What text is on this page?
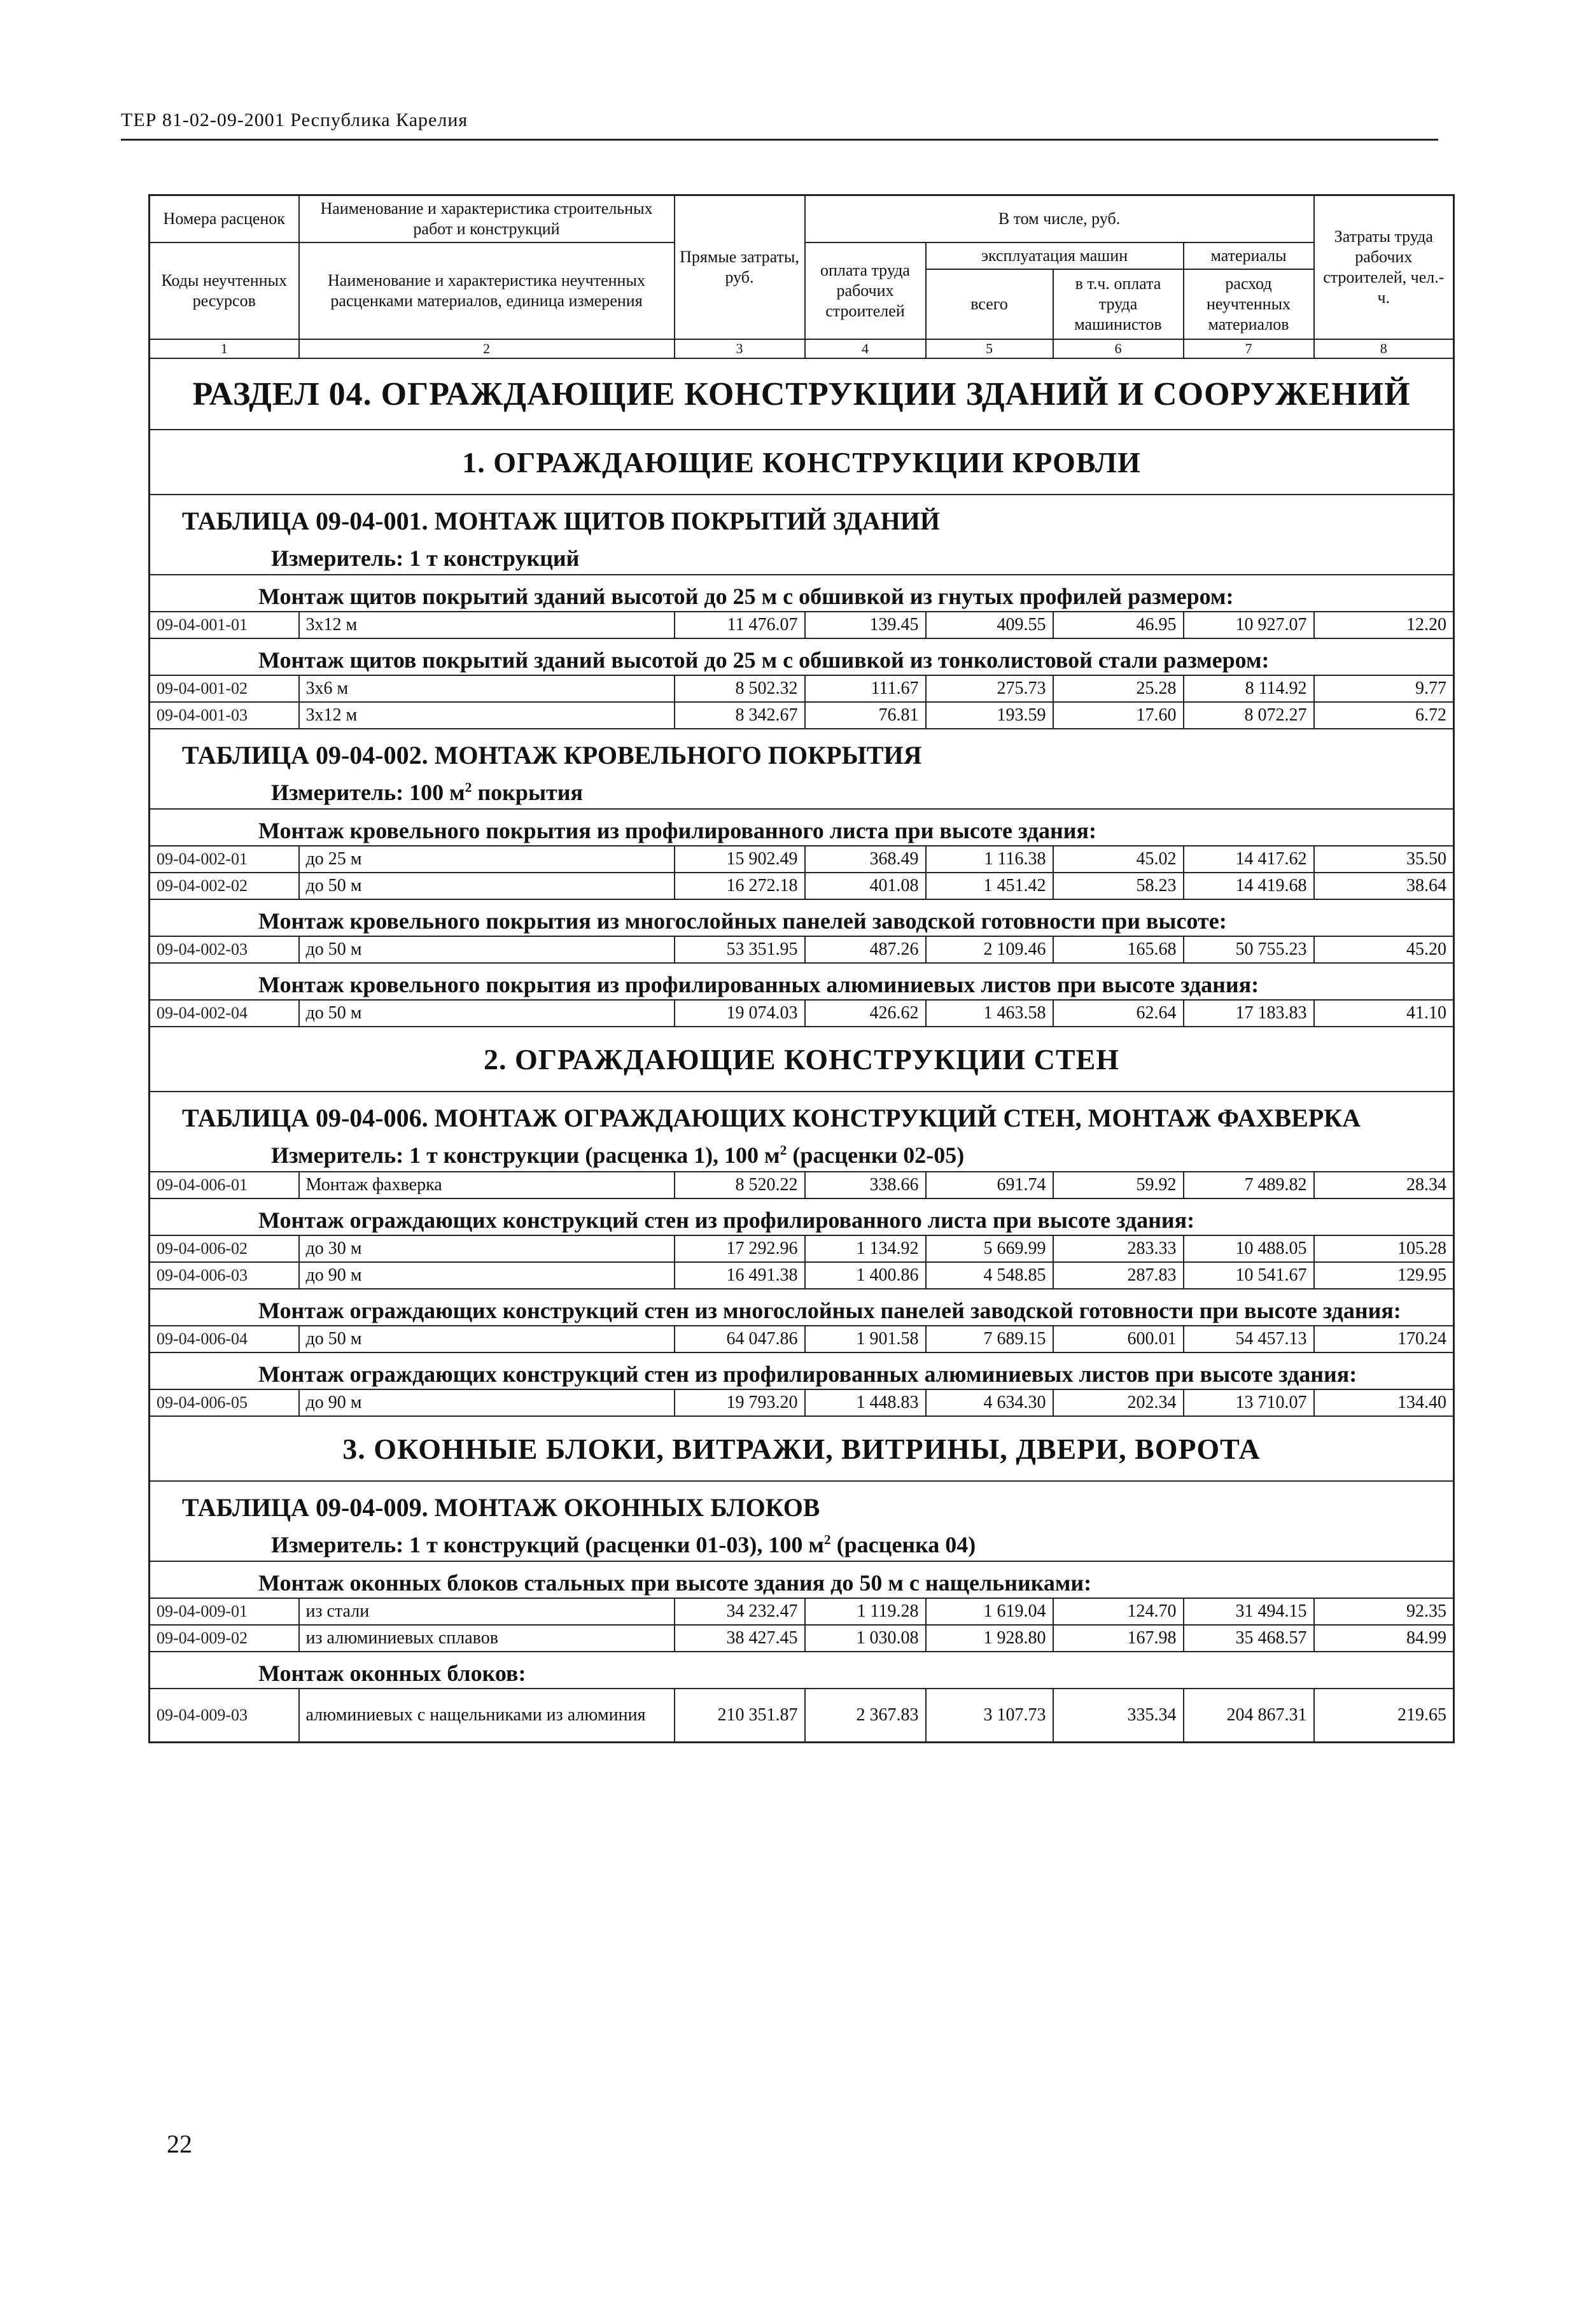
ТЕР 81-02-09-2001 Республика Карелия
Номера расценок	Наименование и характеристика строительных работ и конструкций	Прямые затраты, руб.	В том числе, руб.				Затраты труда рабочих строителей, чел.-ч.
Коды неучтенных ресурсов	Наименование и характеристика неучтенных расценками материалов, единица измерения		оплата труда рабочих строителей	эксплуатация машин		материалы	
				всего	в т.ч. оплата труда машинистов	расход неучтенных материалов	
1	2	3	4	5	6	7	8
РАЗДЕЛ 04. ОГРАЖДАЮЩИЕ КОНСТРУКЦИИ ЗДАНИЙ И СООРУЖЕНИЙ							
1. ОГРАЖДАЮЩИЕ КОНСТРУКЦИИ КРОВЛИ							
ТАБЛИЦА 09-04-001. МОНТАЖ ЩИТОВ ПОКРЫТИЙ ЗДАНИЙ
Измеритель: 1 т конструкций							

Монтаж щитов покрытий зданий высотой до 25 м с обшивкой из гнутых профилей размером:							
09-04-001-01	3x12 м	11 476.07	139.45	409.55	46.95	10 927.07	12.20
Монтаж щитов покрытий зданий высотой до 25 м с обшивкой из тонколистовой стали размером:							
09-04-001-02	3x6 м	8 502.32	111.67	275.73	25.28	8 114.92	9.77
09-04-001-03	3x12 м	8 342.67	76.81	193.59	17.60	8 072.27	6.72
ТАБЛИЦА 09-04-002. МОНТАЖ КРОВЕЛЬНОГО ПОКРЫТИЯ
Измеритель: 100 $м^2$ покрытия							

Монтаж кровельного покрытия из профилированного листа при высоте здания:							
09-04-002-01	до 25 м	15 902.49	368.49	1 116.38	45.02	14 417.62	35.50
09-04-002-02	до 50 м	16 272.18	401.08	1 451.42	58.23	14 419.68	38.64
Монтаж кровельного покрытия из многослойных панелей заводской готовности при высоте:							
09-04-002-03	до 50 м	53 351.95	487.26	2 109.46	165.68	50 755.23	45.20
Монтаж кровельного покрытия из профилированных алюминиевых листов при высоте здания:							
09-04-002-04	до 50 м	19 074.03	426.62	1 463.58	62.64	17 183.83	41.10
2. ОГРАЖДАЮЩИЕ КОНСТРУКЦИИ СТЕН							
ТАБЛИЦА 09-04-006. МОНТАЖ ОГРАЖДАЮЩИХ КОНСТРУКЦИЙ СТЕН, МОНТАЖ ФАХВЕРКА
Измеритель: 1 т конструкции (расценка 1), 100 $м^2$ (расценки 02-05)							

09-04-006-01	Монтаж фахверка	8 520.22	338.66	691.74	59.92	7 489.82	28.34
Монтаж ограждающих конструкций стен из профилированного листа при высоте здания:							
09-04-006-02	до 30 м	17 292.96	1 134.92	5 669.99	283.33	10 488.05	105.28
09-04-006-03	до 90 м	16 491.38	1 400.86	4 548.85	287.83	10 541.67	129.95
Монтаж ограждающих конструкций стен из многослойных панелей заводской готовности при высоте здания:							
09-04-006-04	до 50 м	64 047.86	1 901.58	7 689.15	600.01	54 457.13	170.24
Монтаж ограждающих конструкций стен из профилированных алюминиевых листов при высоте здания:							
09-04-006-05	до 90 м	19 793.20	1 448.83	4 634.30	202.34	13 710.07	134.40
3. ОКОННЫЕ БЛОКИ, ВИТРАЖИ, ВИТРИНЫ, ДВЕРИ, ВОРОТА							
ТАБЛИЦА 09-04-009. МОНТАЖ ОКОННЫХ БЛОКОВ
Измеритель: 1 т конструкций (расценки 01-03), 100 $м^2$ (расценка 04)							

Монтаж оконных блоков стальных при высоте здания до 50 м с нащельниками:							
09-04-009-01	из стали	34 232.47	1 119.28	1 619.04	124.70	31 494.15	92.35
09-04-009-02	из алюминиевых сплавов	38 427.45	1 030.08	1 928.80	167.98	35 468.57	84.99
Монтаж оконных блоков:							
09-04-009-03	алюминиевых с нащельниками из алюминия	210 351.87	2 367.83	3 107.73	335.34	204 867.31	219.65
22
